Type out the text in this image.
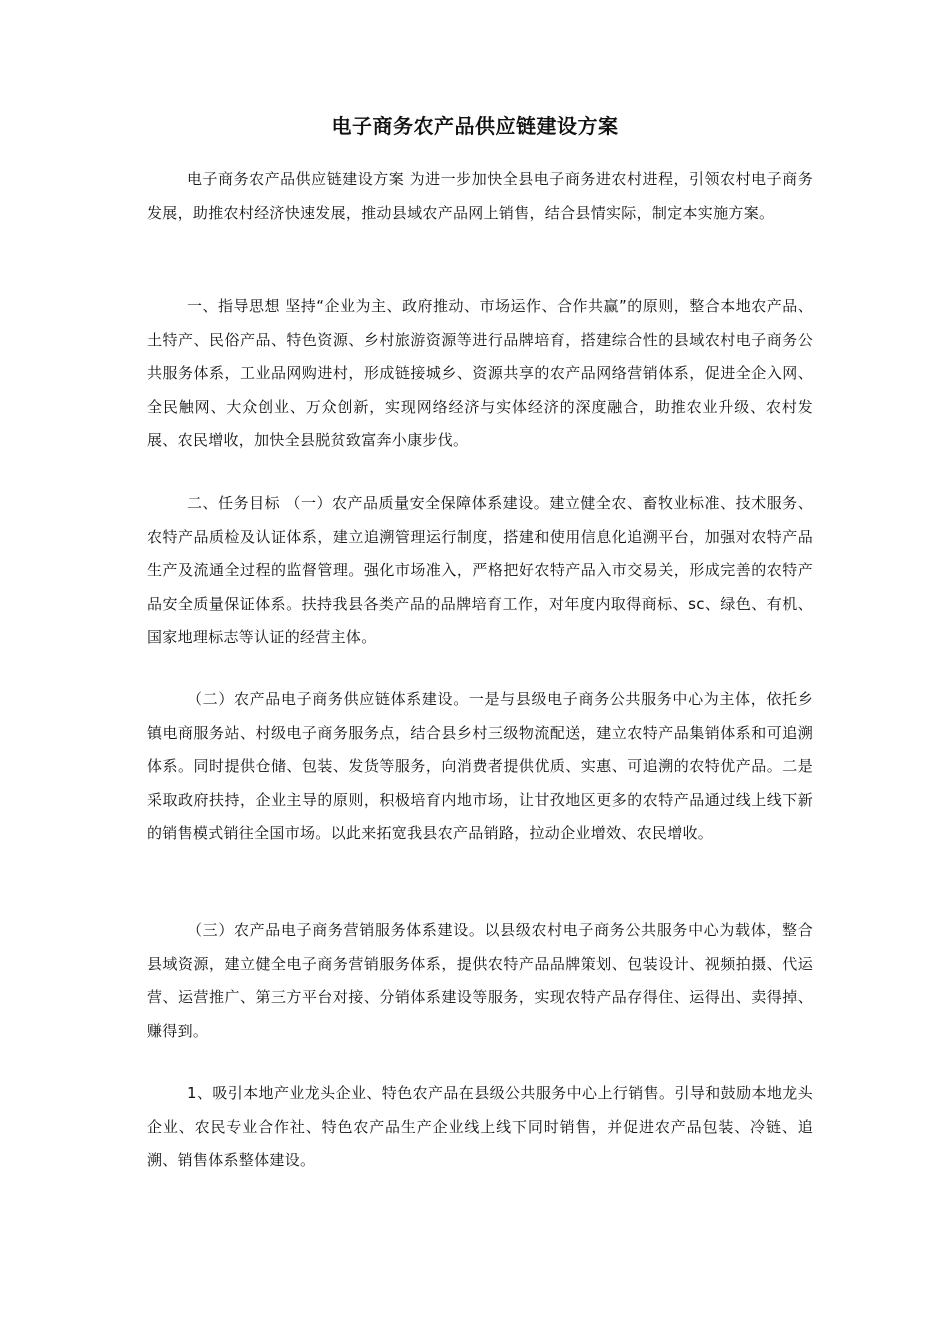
电子商务农产品供应链建设方案

电子商务农产品供应链建设方案 为进一步加快全县电子商务进农村进程，引领农村电子商务发展，助推农村经济快速发展，推动县域农产品网上销售，结合县情实际，制定本实施方案。

一、指导思想 坚持“企业为主、政府推动、市场运作、合作共赢”的原则，整合本地农产品、土特产、民俗产品、特色资源、乡村旅游资源等进行品牌培育，搭建综合性的县域农村电子商务公共服务体系，工业品网购进村，形成链接城乡、资源共享的农产品网络营销体系，促进全企入网、全民触网、大众创业、万众创新，实现网络经济与实体经济的深度融合，助推农业升级、农村发展、农民增收，加快全县脱贫致富奔小康步伐。

二、任务目标 （一）农产品质量安全保障体系建设。建立健全农、畜牧业标准、技术服务、农特产品质检及认证体系，建立追溯管理运行制度，搭建和使用信息化追溯平台，加强对农特产品生产及流通全过程的监督管理。强化市场准入，严格把好农特产品入市交易关，形成完善的农特产品安全质量保证体系。扶持我县各类产品的品牌培育工作，对年度内取得商标、sc、绿色、有机、国家地理标志等认证的经营主体。

（二）农产品电子商务供应链体系建设。一是与县级电子商务公共服务中心为主体，依托乡镇电商服务站、村级电子商务服务点，结合县乡村三级物流配送，建立农特产品集销体系和可追溯体系。同时提供仓储、包装、发货等服务，向消费者提供优质、实惠、可追溯的农特优产品。二是采取政府扶持，企业主导的原则，积极培育内地市场，让甘孜地区更多的农特产品通过线上线下新的销售模式销往全国市场。以此来拓宽我县农产品销路，拉动企业增效、农民增收。

（三）农产品电子商务营销服务体系建设。以县级农村电子商务公共服务中心为载体，整合县域资源，建立健全电子商务营销服务体系，提供农特产品品牌策划、包装设计、视频拍摄、代运营、运营推广、第三方平台对接、分销体系建设等服务，实现农特产品存得住、运得出、卖得掉、赚得到。

1、吸引本地产业龙头企业、特色农产品在县级公共服务中心上行销售。引导和鼓励本地龙头企业、农民专业合作社、特色农产品生产企业线上线下同时销售，并促进农产品包装、冷链、追溯、销售体系整体建设。
